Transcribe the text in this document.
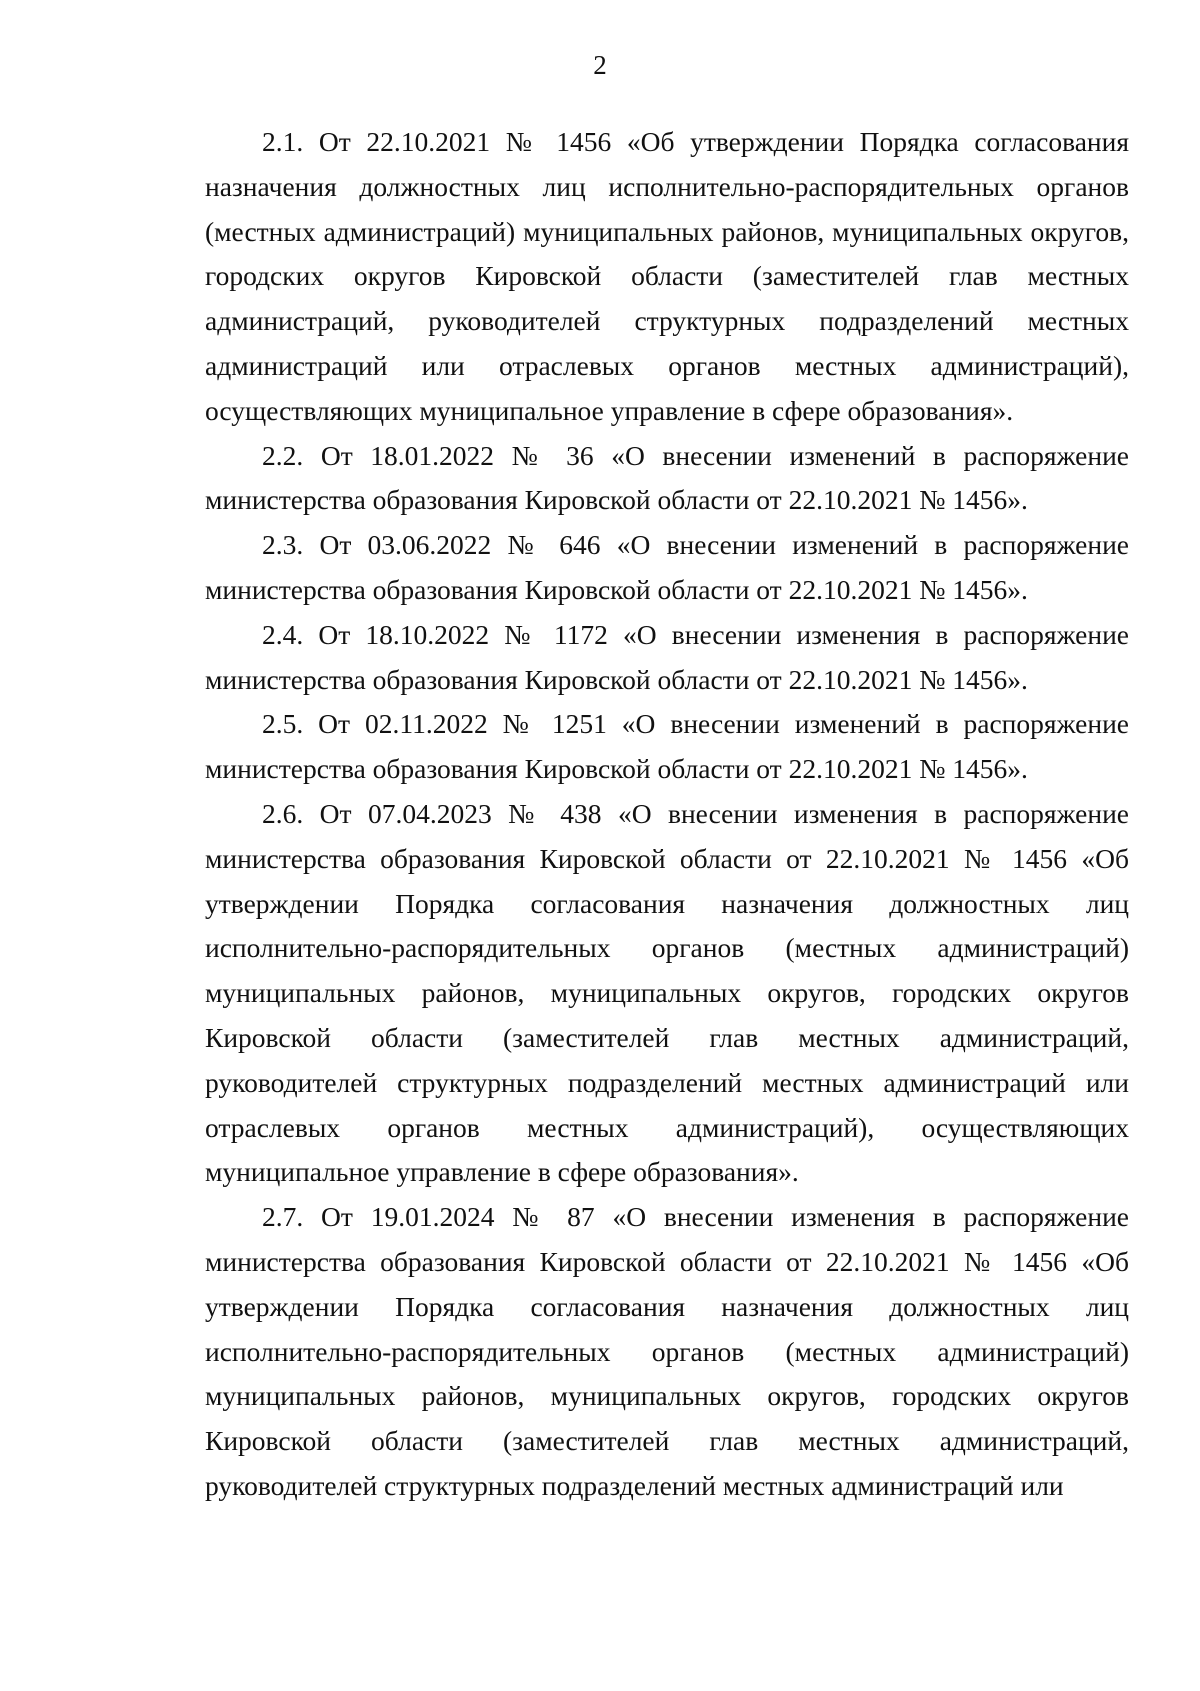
2

2.1. От 22.10.2021 № 1456 «Об утверждении Порядка согласования назначения должностных лиц исполнительно-распорядительных органов (местных администраций) муниципальных районов, муниципальных округов, городских округов Кировской области (заместителей глав местных администраций, руководителей структурных подразделений местных администраций или отраслевых органов местных администраций), осуществляющих муниципальное управление в сфере образования».

2.2. От 18.01.2022 № 36 «О внесении изменений в распоряжение министерства образования Кировской области от 22.10.2021 № 1456».

2.3. От 03.06.2022 № 646 «О внесении изменений в распоряжение министерства образования Кировской области от 22.10.2021 № 1456».

2.4. От 18.10.2022 № 1172 «О внесении изменения в распоряжение министерства образования Кировской области от 22.10.2021 № 1456».

2.5. От 02.11.2022 № 1251 «О внесении изменений в распоряжение министерства образования Кировской области от 22.10.2021 № 1456».

2.6. От 07.04.2023 № 438 «О внесении изменения в распоряжение министерства образования Кировской области от 22.10.2021 № 1456 «Об утверждении Порядка согласования назначения должностных лиц исполнительно-распорядительных органов (местных администраций) муниципальных районов, муниципальных округов, городских округов Кировской области (заместителей глав местных администраций, руководителей структурных подразделений местных администраций или отраслевых органов местных администраций), осуществляющих муниципальное управление в сфере образования».

2.7. От 19.01.2024 № 87 «О внесении изменения в распоряжение министерства образования Кировской области от 22.10.2021 № 1456 «Об утверждении Порядка согласования назначения должностных лиц исполнительно-распорядительных органов (местных администраций) муниципальных районов, муниципальных округов, городских округов Кировской области (заместителей глав местных администраций, руководителей структурных подразделений местных администраций или
